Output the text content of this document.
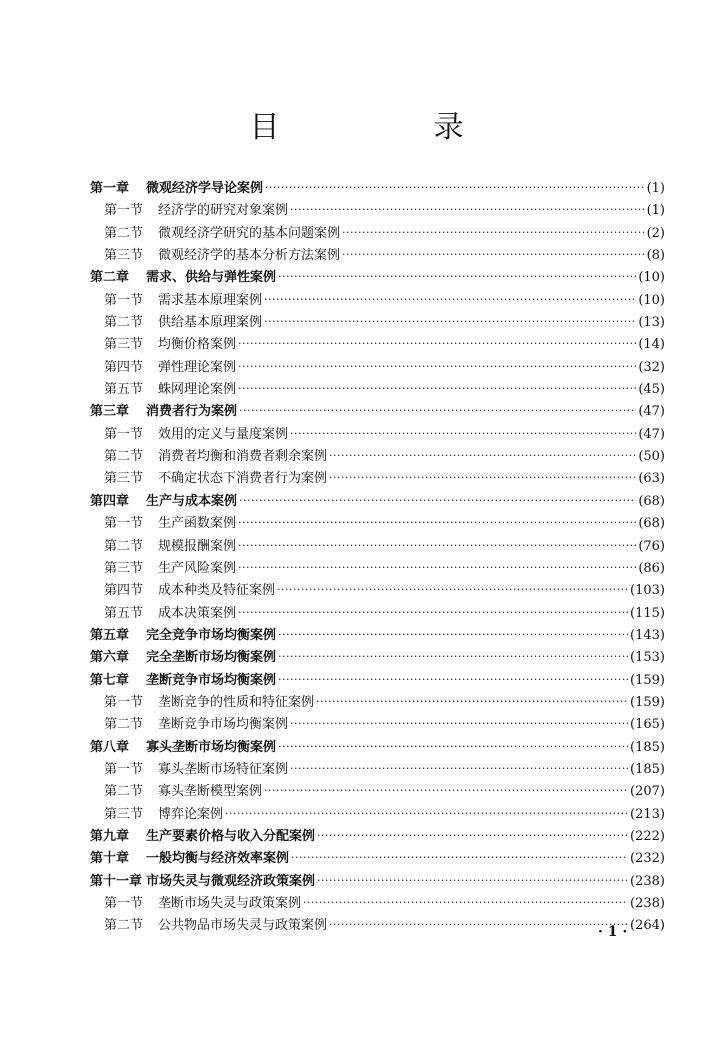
目　录
第一章	微观经济学导论案例 ·····	(1)
第一节	经济学的研究对象案例 ·····	(1)
第二节	微观经济学研究的基本问题案例 ·····	(2)
第三节	微观经济学的基本分析方法案例 ·····	(8)
第二章	需求、供给与弹性案例 ·····	(10)
第一节	需求基本原理案例 ·····	(10)
第二节	供给基本原理案例 ·····	(13)
第三节	均衡价格案例 ·····	(14)
第四节	弹性理论案例 ·····	(32)
第五节	蛛网理论案例 ·····	(45)
第三章	消费者行为案例 ·····	(47)
第一节	效用的定义与量度案例 ·····	(47)
第二节	消费者均衡和消费者剩余案例 ·····	(50)
第三节	不确定状态下消费者行为案例 ·····	(63)
第四章	生产与成本案例 ·····	(68)
第一节	生产函数案例 ·····	(68)
第二节	规模报酬案例 ·····	(76)
第三节	生产风险案例 ·····	(86)
第四节	成本种类及特征案例 ·····	(103)
第五节	成本决策案例 ·····	(115)
第五章	完全竞争市场均衡案例 ·····	(143)
第六章	完全垄断市场均衡案例 ·····	(153)
第七章	垄断竞争市场均衡案例 ·····	(159)
第一节	垄断竞争的性质和特征案例 ·····	(159)
第二节	垄断竞争市场均衡案例 ·····	(165)
第八章	寡头垄断市场均衡案例 ·····	(185)
第一节	寡头垄断市场特征案例 ·····	(185)
第二节	寡头垄断模型案例 ·····	(207)
第三节	博弈论案例 ·····	(213)
第九章	生产要素价格与收入分配案例 ·····	(222)
第十章	一般均衡与经济效率案例 ·····	(232)
第十一章 市场失灵与微观经济政策案例 ·····	(238)
第一节	垄断市场失灵与政策案例 ·····	(238)
第二节	公共物品市场失灵与政策案例 ·····	(264)
· 1 ·
